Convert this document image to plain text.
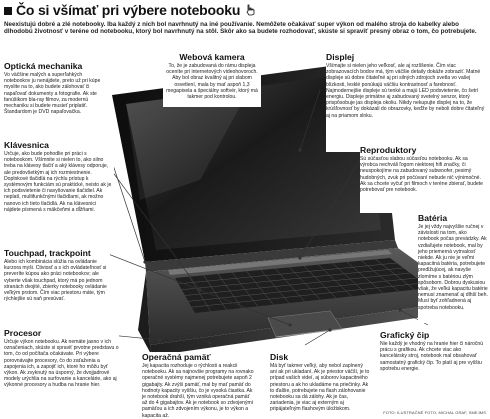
Čo si všímať pri výbere notebooku
Neexistujú dobré a zlé notebooky. Iba každý z nich bol navrhnutý na iné používanie. Nemôžete očakávať super výkon od malého stroja do kabelky alebo dlhodobú životnosť v teréne od notebooku, ktorý bol navrhnutý na stôl. Skôr ako sa budete rozhodovať, skúste si spraviť presný obraz o tom, čo potrebujete.
Optická mechanika

Vo väčšine malých a superľahkých notebookov ju nenájdete, preto už pri kúpe myslite na to, ako budete zálohovať či napaľovať dokumenty a fotografie. Ak ste fanúšikom bla-ray filmov, za modernú mechaniku si budete musieť priplatiť. Štandardom je DVD napaľovačka.

Webová kamera

To, že je zabudovaná do rámu displeja oceníte pri internetových videohovoroch. Aby bol obraz kvalitný aj pri slabom osvetlení, mala by mať aspoň 1,3 megapixela a špeciálny softvér, ktorý má takmer pod kontrolou.

Displej

Všímajte si nielen jeho veľkosť, ale aj rozlíšenie. Čím viac zobrazovacích bodov má, tým väčšie detaily dokáže zobraziť. Matné displeje sú dobre čitateľné aj pri silných zdrojoch svetla vo vašej blízkosti, lesklé ponúkajú väčšiu kontrastnosť a farebnosť. Najmodernejšie displeje sú tenké a majú LED podsvietenie, čo šetrí energiu. Displeje primátne aj zabudovaný svetelný senzor, ktorý prispôsobuje jas displeja okoliu. Nikdy nekupujte displej na to, že krúšľovnosť by dokázali do obrazovky, keďže by neboli dobre čitateľný aj na priamom slnku.

Klávesnica

Určuje, ako bude pohodlie pri práci s notebookom. Všímnite si nielen to, ako silno treba na klávesy tlačiť a aký klávesy odporuje, ale predovšetkým aj ich rozmiestnenie. Doplnkové tlačidlá na rýchlu prístup k systémovým funkciám sú praktické, neisto ak je ich podsvietenie či navyšovanie tlačidiel. Ak neplatí, multifunkčnými tlačidlami, ak možno nanovo ich tieto tlačidlá. Ak na klávesnici nájdete písmená s mäkčeňmi a dĺžňami.

Reproduktory

Sú súčasťou slabou súčasťou notebooku. Ak sa výrobca nechváli ľogom niektorej hifi značky, či neuspokojíme na zabudovaný subwoofer, pesimý hudobných, zvuk pri počúvaní nebude nič výnimočné. Ak sa chcete vyčuť pri filmoch v teréne zbierať, budete potrebovať pre notebook.

Touchpad, trackpoint

Alebo ich kombinácia slúžia na ovládanie kurzora myši. Ctiviosť a s ich ovládateľnosť si preveríte kúpou ako práci notebookov; ale vyberte však touchpad, ktorý má po jednom stranách dvojité, zbierky notebooky ovládanie veľkým prstom. Čím viac priestoru máte, tým rýchlejšie sú naň presúvať.

Batéria

Je jej vždy najvyššie ručnej v závislosti na tom, ako notebook počas prevádzky. Ak vzdiaľujete notebook, mal by jeho priemerná vytrvalosť niekde. Ak ju nie je veľmi kapacitná batéria, potrebujete predlžujúcej, ak navyše zlomíme s batériou zlým spôsobom. Dobrou dyskusiou však, že veľkú kapacitu batérie nemusí znamenať aj dlhší beh. Musí byť zohľadnená aj spotreba notebooku.

Procesor

Určuje výkon notebooku. Ak nemáte jasno v ich označeniach, skúste si spraviť prvotne predstavu o tom, čo od počítača očakávate. Pri výbere porovnávajte procesory, čo do zaťaženia a zapojenia ich, a zapojiť ich, ktoré ho môžu byť výkon. Ak zvyknutý na úsporný, že dvojjadrové modely urýchlia na surfovanie a kancelárie, ako aj výkonné procesory a hudba na hranie hier.

Operačná pamäť

Jej kapacita rozhoduje o rýchlosti a reakcii notebooku. Ak sa najnovšie programy na rovnako operačné systémy najmenej potrebujete aspoň 2 gigabajty. Ak zvýši pamäť, mal by mať pamäť do hodnoty kapacity vyššiu, čo je vysoká čiastka. Ak je notebook drahší, tým vzniká operačná pamäť až do 4 gigabajtov. Ak je notebook so zdvojenými pamäťou a ich zdvojením výkonu, je to výkon a kapacita až.

Disk

Má byť takmer veľký, aby nebol zaplnený ani ak pri ukladaní. Ak je priestor väčší, je to prípad vašich videí, aj súborov kapacitného priestoru a ak ho ukladáme na priečinky. Ak to ďalšie, potrebujete na flash zálohovanie notebooku sa dá zálohy. Ak je čas, zariadenia, je viac aj externým aj pripájateľným flashovým úložiskom.

Grafický čip

Nie každý je vhodný na hranie hier či náročnú prácu s grafikou. Ak chcete viac ako kancelársky stroj, notebook mal obsahovať samostatný grafický čip. To platí aj pre vyššiu spotrebu energie.

FOTO: ILUSTRAČNÉ FOTO, MICHAL GRAF, SMEJMS
